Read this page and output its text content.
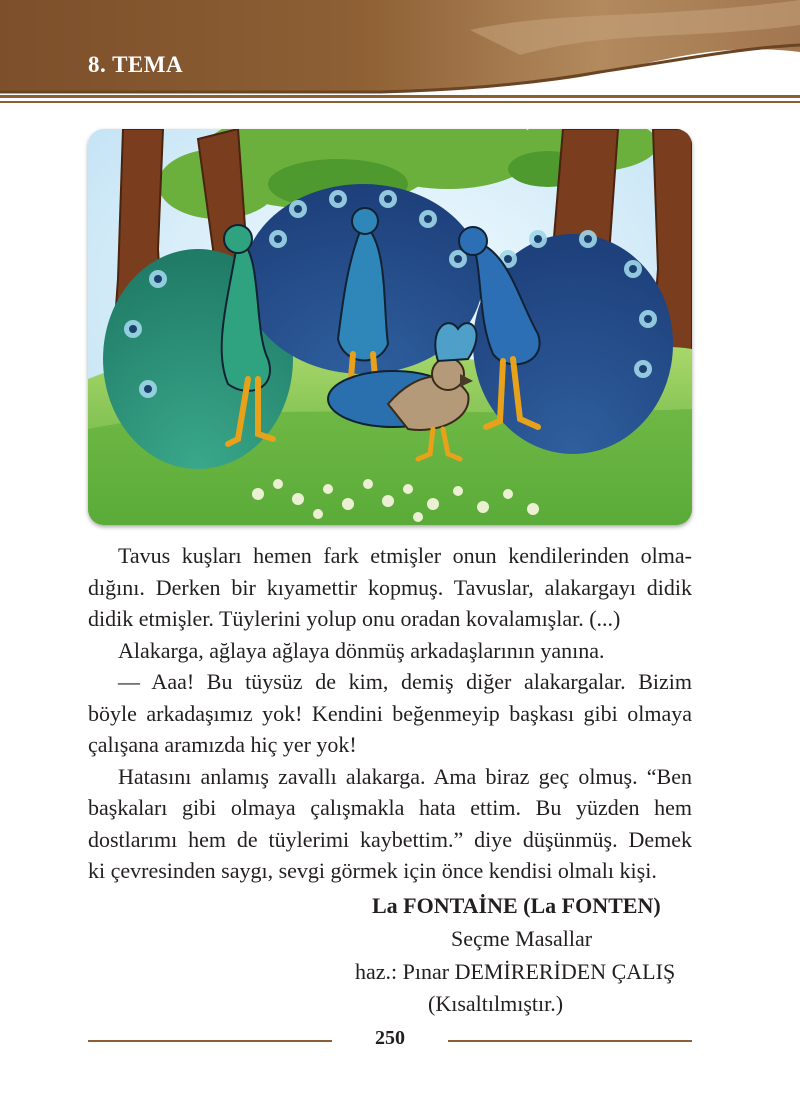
8. TEMA

Tavus kuşları hemen fark etmişler onun kendilerinden olma-
dığını. Derken bir kıyamettir kopmuş. Tavuslar, alakargayı didik
didik etmişler. Tüylerini yolup onu oradan kovalamışlar. (...)

Alakarga, ağlaya ağlaya dönmüş arkadaşlarının yanına.

— Aaa! Bu tüysüz de kim, demiş diğer alakargalar. Bizim
böyle arkadaşımız yok! Kendini beğenmeyip başkası gibi olmaya
çalışana aramızda hiç yer yok!

Hatasını anlamış zavallı alakarga. Ama biraz geç olmuş. “Ben
başkaları gibi olmaya çalışmakla hata ettim. Bu yüzden hem
dostlarımı hem de tüylerimi kaybettim.” diye düşünmüş. Demek
ki çevresinden saygı, sevgi görmek için önce kendisi olmalı kişi.

La FONTAİNE (La FONTEN)
Seçme Masallar
haz.: Pınar DEMİRERİDEN ÇALIŞ
(Kısaltılmıştır.)
250
